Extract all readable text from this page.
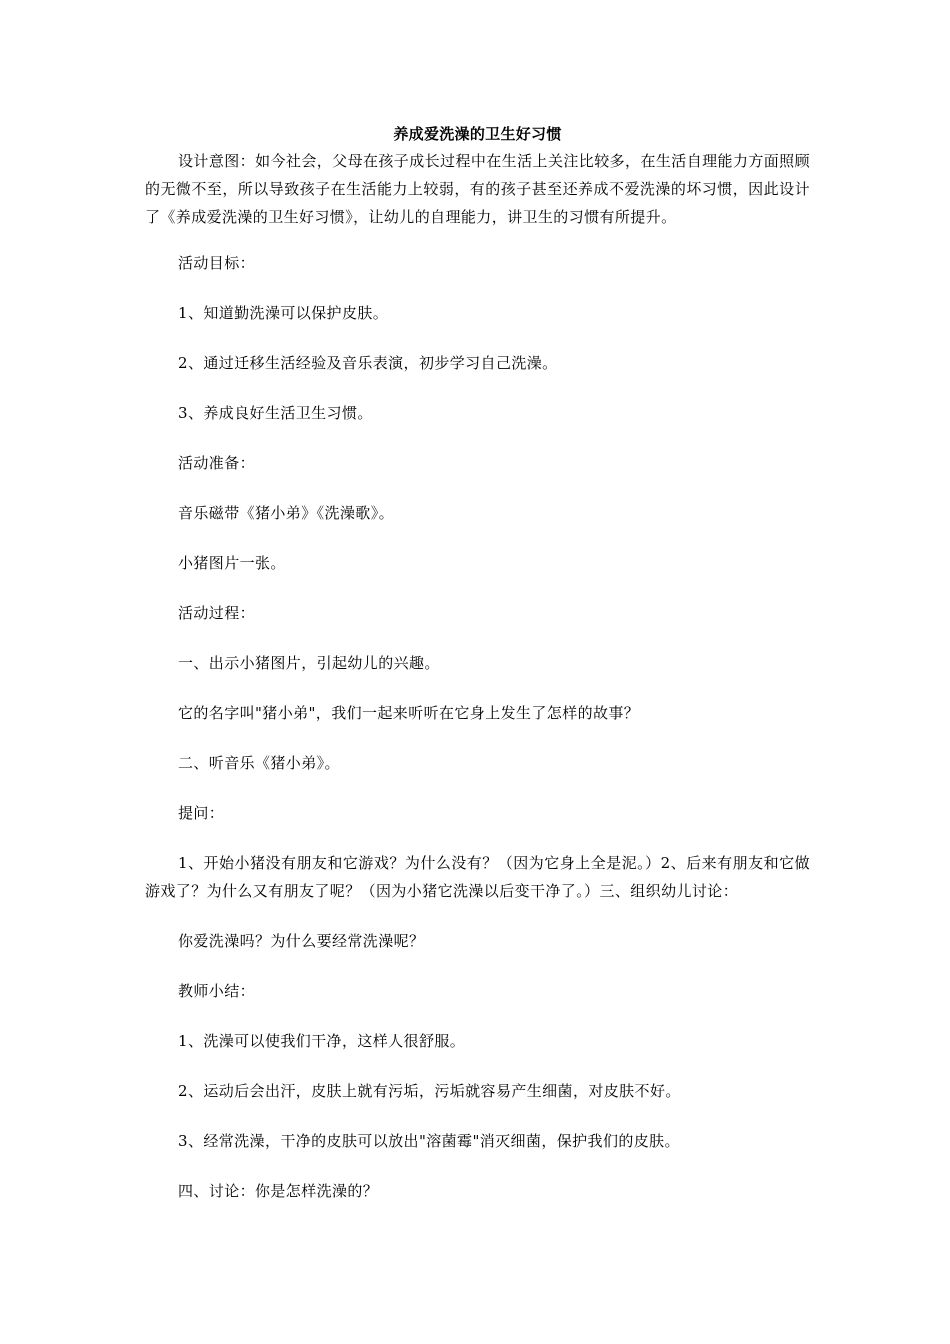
养成爱洗澡的卫生好习惯

设计意图：如今社会，父母在孩子成长过程中在生活上关注比较多，在生活自理能力方面照顾的无微不至，所以导致孩子在生活能力上较弱，有的孩子甚至还养成不爱洗澡的坏习惯，因此设计了《养成爱洗澡的卫生好习惯》，让幼儿的自理能力，讲卫生的习惯有所提升。

活动目标：

1、知道勤洗澡可以保护皮肤。

2、通过迁移生活经验及音乐表演，初步学习自己洗澡。

3、养成良好生活卫生习惯。

活动准备：

音乐磁带《猪小弟》《洗澡歌》。

小猪图片一张。

活动过程：

一、出示小猪图片，引起幼儿的兴趣。

它的名字叫"猪小弟"，我们一起来听听在它身上发生了怎样的故事？

二、听音乐《猪小弟》。

提问：

1、开始小猪没有朋友和它游戏？为什么没有？（因为它身上全是泥。）2、后来有朋友和它做游戏了？为什么又有朋友了呢？（因为小猪它洗澡以后变干净了。）三、组织幼儿讨论：

你爱洗澡吗？为什么要经常洗澡呢？

教师小结：

1、洗澡可以使我们干净，这样人很舒服。

2、运动后会出汗，皮肤上就有污垢，污垢就容易产生细菌，对皮肤不好。

3、经常洗澡，干净的皮肤可以放出"溶菌霉"消灭细菌，保护我们的皮肤。

四、讨论：你是怎样洗澡的？
